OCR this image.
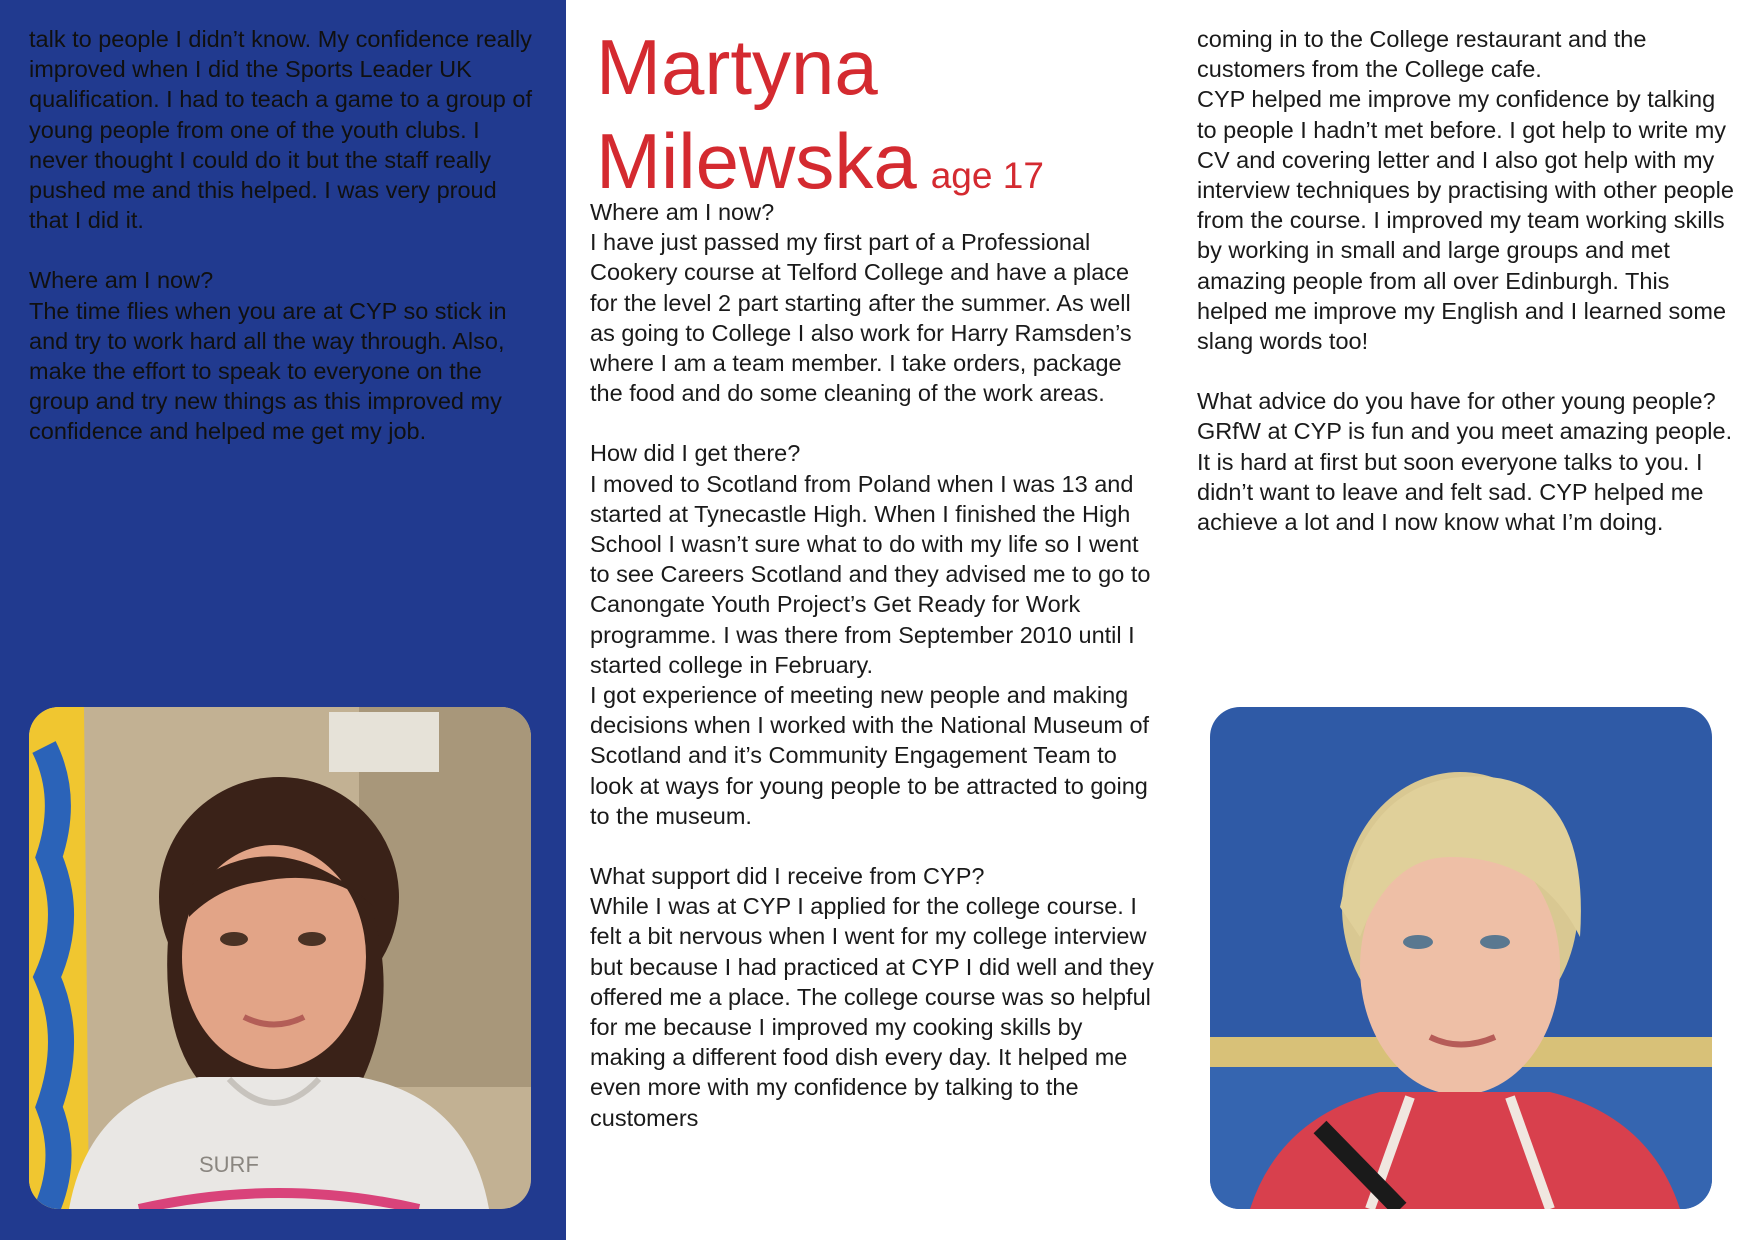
talk to people I didn’t know. My confidence really improved when I did the Sports Leader UK qualification. I had to teach a game to a group of young people from one of the youth clubs. I never thought I could do it but the staff really pushed me and this helped. I was very proud that I did it.

Where am I now?

The time flies when you are at CYP so stick in and try to work hard all the way through. Also, make the effort to speak to everyone on the group and try new things as this improved my confidence and helped me get my job.

Martyna
Milewska age 17

Where am I now?

I have just passed my first part of a Professional Cookery course at Telford College and have a place for the level 2 part starting after the summer. As well as going to College I also work for Harry Ramsden’s where I am a team member. I take orders, package the food and do some cleaning of the work areas.

How did I get there?

I moved to Scotland from Poland when I was 13 and started at Tynecastle High. When I finished the High School I wasn’t sure what to do with my life so I went to see Careers Scotland and they advised me to go to Canongate Youth Project’s Get Ready for Work programme. I was there from September 2010 until I started college in February.

I got experience of meeting new people and making decisions when I worked with the National Museum of Scotland and it’s Community Engagement Team to look at ways for young people to be attracted to going to the museum.

What support did I receive from CYP?

While I was at CYP I applied for the college course. I felt a bit nervous when I went for my college interview but because I had practiced at CYP I did well and they offered me a place. The college course was so helpful for me because I improved my cooking skills by making a different food dish every day. It helped me even more with my confidence by talking to the customers

coming in to the College restaurant and the customers from the College cafe.

CYP helped me improve my confidence by talking to people I hadn’t met before. I got help to write my CV and covering letter and I also got help with my interview techniques by practising with other people from the course. I improved my team working skills by working in small and large groups and met amazing people from all over Edinburgh. This helped me improve my English and I learned some slang words too!

What advice do you have for other young people?

GRfW at CYP is fun and you meet amazing people. It is hard at first but soon everyone talks to you. I didn’t want to leave and felt sad. CYP helped me achieve a lot and I now know what I’m doing.

SURF
